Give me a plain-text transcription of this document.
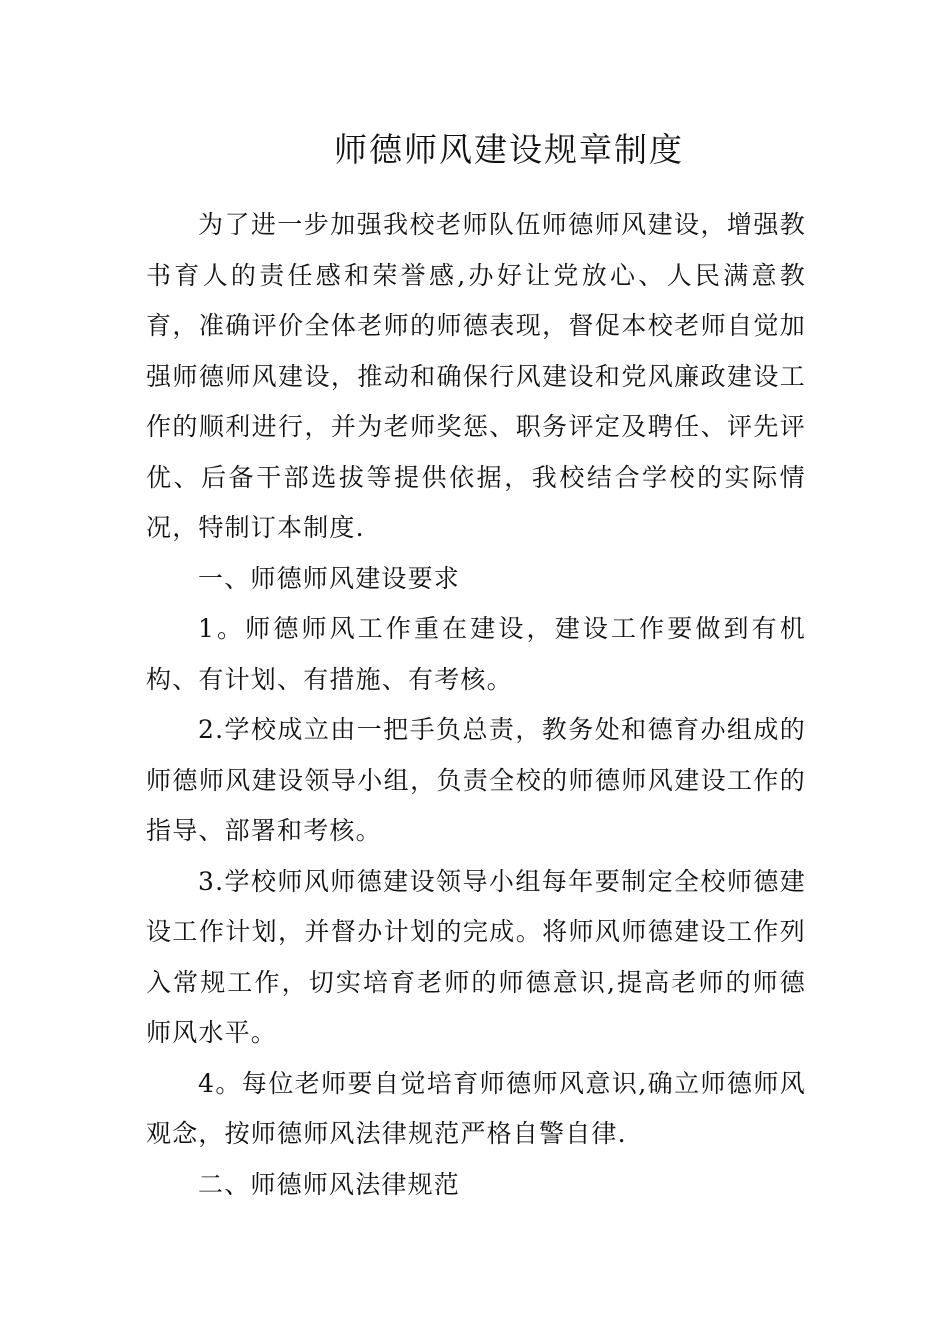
师德师风建设规章制度

为了进一步加强我校老师队伍师德师风建设，增强教书育人的责任感和荣誉感,办好让党放心、人民满意教育，准确评价全体老师的师德表现，督促本校老师自觉加强师德师风建设，推动和确保行风建设和党风廉政建设工作的顺利进行，并为老师奖惩、职务评定及聘任、评先评优、后备干部选拔等提供依据，我校结合学校的实际情况，特制订本制度.

一、师德师风建设要求

1。师德师风工作重在建设，建设工作要做到有机构、有计划、有措施、有考核。

2.学校成立由一把手负总责，教务处和德育办组成的师德师风建设领导小组，负责全校的师德师风建设工作的指导、部署和考核。

3.学校师风师德建设领导小组每年要制定全校师德建设工作计划，并督办计划的完成。将师风师德建设工作列入常规工作，切实培育老师的师德意识,提高老师的师德师风水平。

4。每位老师要自觉培育师德师风意识,确立师德师风观念，按师德师风法律规范严格自警自律.

二、师德师风法律规范
